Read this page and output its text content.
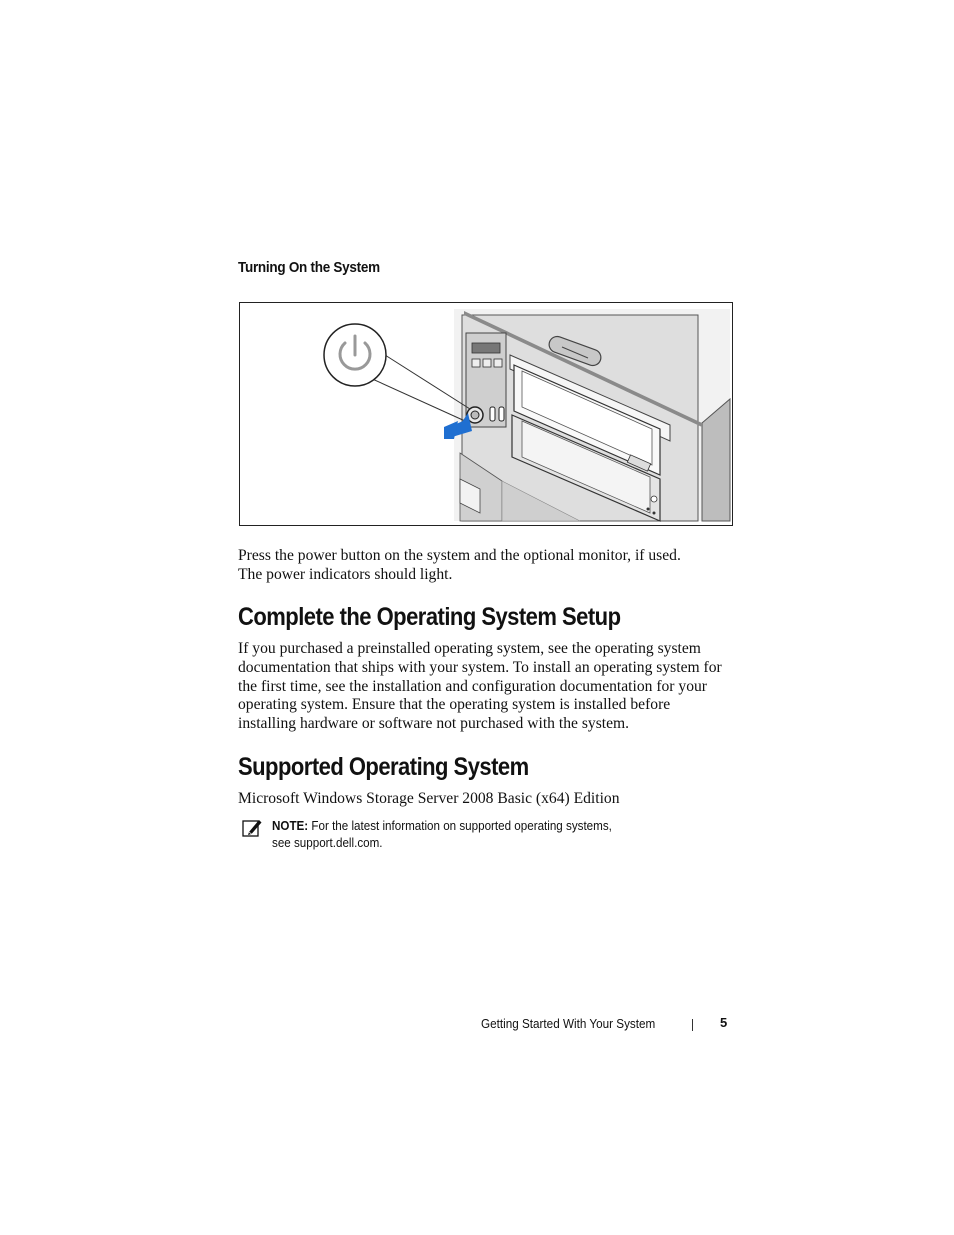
Turning On the System
Press the power button on the system and the optional monitor, if used.
The power indicators should light.
Complete the Operating System Setup
If you purchased a preinstalled operating system, see the operating system
documentation that ships with your system. To install an operating system for
the first time, see the installation and configuration documentation for your
operating system. Ensure that the operating system is installed before
installing hardware or software not purchased with the system.
Supported Operating System
Microsoft Windows Storage Server 2008 Basic (x64) Edition
NOTE: For the latest information on supported operating systems,
see support.dell.com.
Getting Started With Your System	5
